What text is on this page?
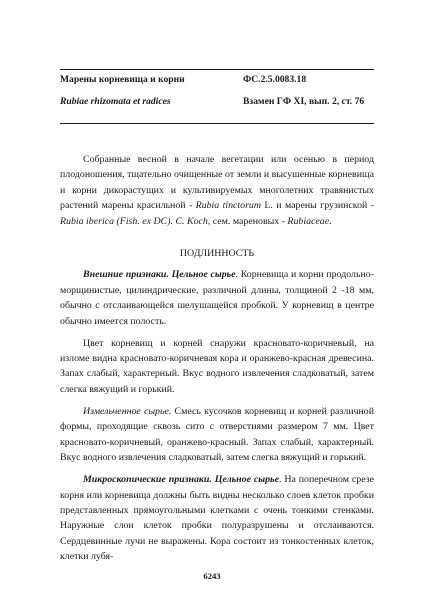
Марены корневища и корни	ФС.2.5.0083.18
Rubiae rhizomata et radices	Взамен ГФ XI, вып. 2, ст. 76

Собранные весной в начале вегетации или осенью в период плодоношения, тщательно очищенные от земли и высушенные корневища и корни дикорастущих и культивируемых многолетних травянистых растений марены красильной - Rubia tinctorum L. и марены грузинской - Rubia iberica (Fish. ex DC). C. Koch, сем. мареновых - Rubiaceae.

ПОДЛИННОСТЬ

Внешние признаки. Цельное сырье. Корневища и корни продольно-морщинистые, цилиндрические, различной длины, толщиной 2 -18 мм, обычно с отслаивающейся шелушащейся пробкой. У корневищ в центре обычно имеется полость.

Цвет корневищ и корней снаружи красновато-коричневый, на изломе видна красновато-коричневая кора и оранжево-красная древесина. Запах слабый, характерный. Вкус водного извлечения сладковатый, затем слегка вяжущий и горький.

Измельченное сырье. Смесь кусочков корневищ и корней различной формы, проходящие сквозь сито с отверстиями размером 7 мм. Цвет красновато-коричневый, оранжево-красный. Запах слабый, характерный. Вкус водного извлечения сладковатый, затем слегка вяжущий и горький.

Микроскопические признаки. Цельное сырье. На поперечном срезе корня или корневища должны быть видны несколько слоев клеток пробки представленных прямоугольными клетками с очень тонкими стенками. Наружные слои клеток пробки полуразрушены и отслаиваются. Сердцевинные лучи не выражены. Кора состоит из тонкостенных клеток, клетки лубя-

6243
